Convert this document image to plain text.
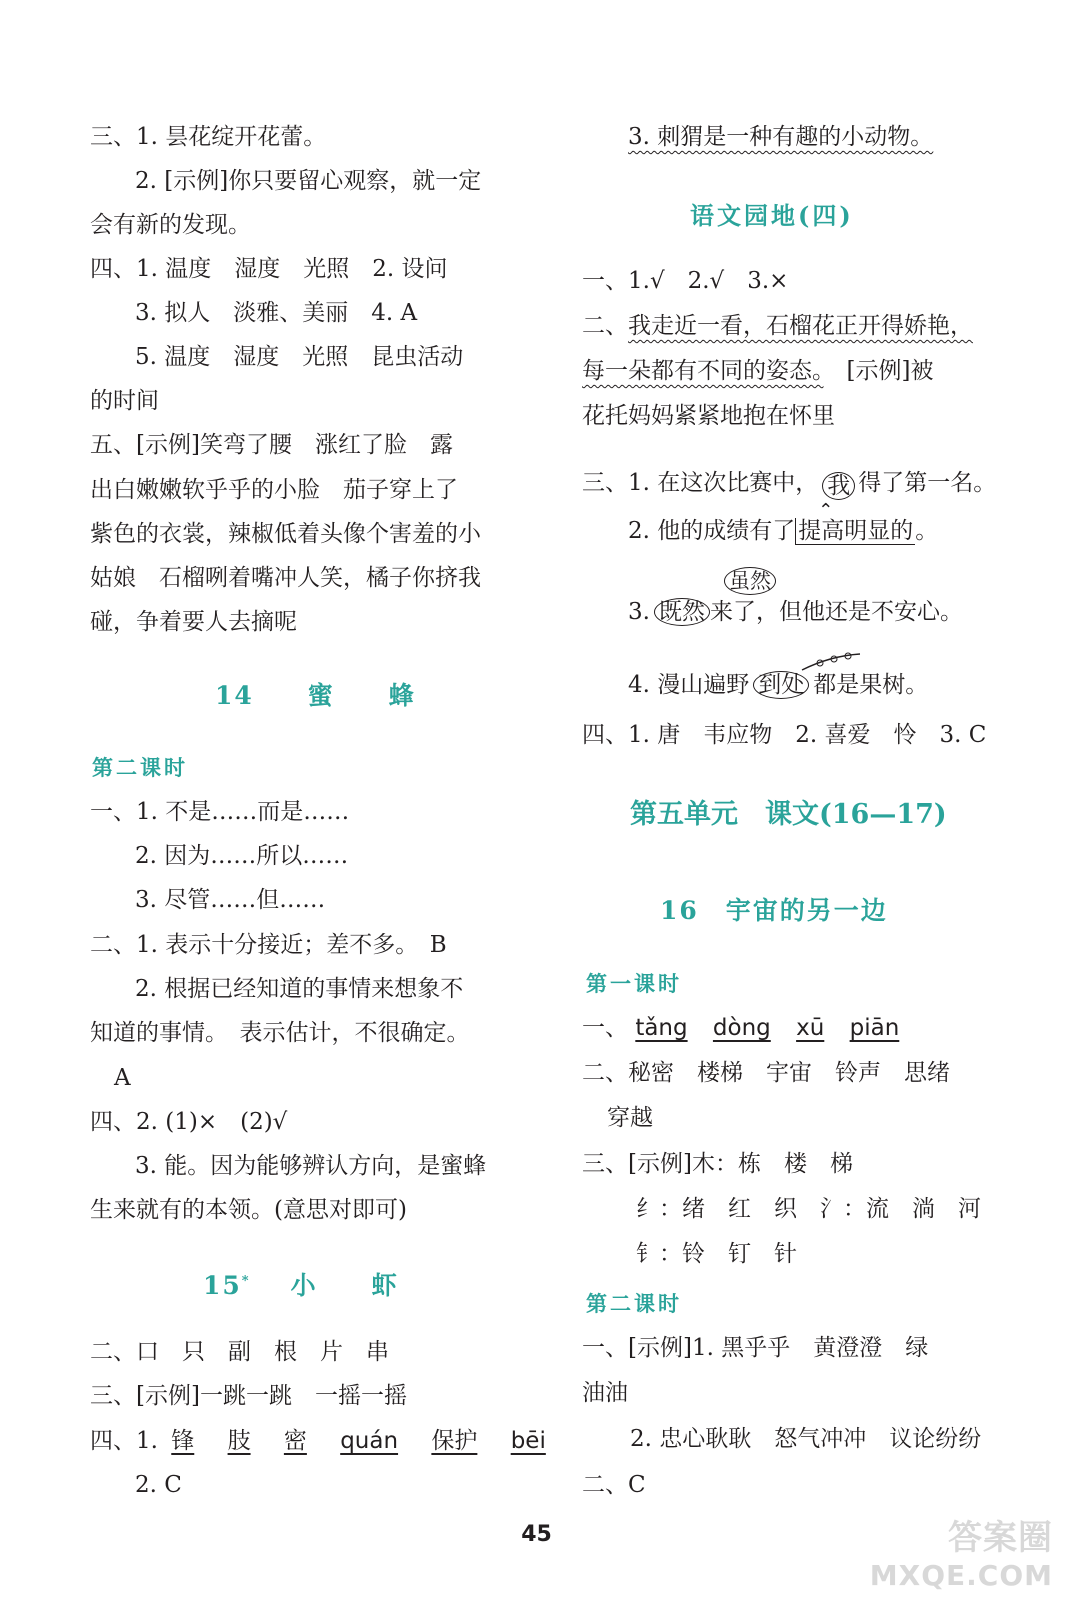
三、1. 昙花绽开花蕾。
2. [示例]你只要留心观察，就一定
会有新的发现。
四、1. 温度　湿度　光照　2. 设问
3. 拟人　淡雅、美丽　4. A
5. 温度　湿度　光照　昆虫活动
的时间
五、[示例]笑弯了腰　涨红了脸　露
出白嫩嫩软乎乎的小脸　茄子穿上了
紫色的衣裳，辣椒低着头像个害羞的小
姑娘　石榴咧着嘴冲人笑，橘子你挤我
碰，争着要人去摘呢
14　　蜜　　蜂
第二课时
一、1. 不是……而是……
2. 因为……所以……
3. 尽管……但……
二、1. 表示十分接近；差不多。　B
2. 根据已经知道的事情来想象不
知道的事情。　表示估计，不很确定。
A
四、2. (1)×　(2)√
3. 能。因为能够辨认方向，是蜜蜂
生来就有的本领。(意思对即可)
15* 小　　虾
二、口　只　副　根　片　串
三、[示例]一跳一跳　一摇一摇
四、1. 锋 肢 密 quán 保护 bēi
2. C
3. 刺猬是一种有趣的小动物。
语文园地(四)
一、1.√　2.√　3.×
二、我走近一看，石榴花正开得娇艳，
每一朵都有不同的姿态。　[示例]被
花托妈妈紧紧地抱在怀里
三、1. 在这次比赛中， 我
⌃
得了第一名。
2. 他的成绩有了 提高明显的。
虽然
3. 既然 来了，但他还是不安心。
4. 漫山遍野 到处 都是果树。
四、1. 唐　韦应物　2. 喜爱　怜　3. C
第五单元　课文(16—17)
16　宇宙的另一边
第一课时
一、 tǎng dòng xū piān
二、秘密　楼梯　宇宙　铃声　思绪
穿越
三、[示例]木：栋　楼　梯
纟：绪　红　织　氵：流　淌　河
钅：铃　钉　针
第二课时
一、[示例]1. 黑乎乎　黄澄澄　绿
油油
2. 忠心耿耿　怒气冲冲　议论纷纷
二、C
45	答案圈
MXQE.COM
